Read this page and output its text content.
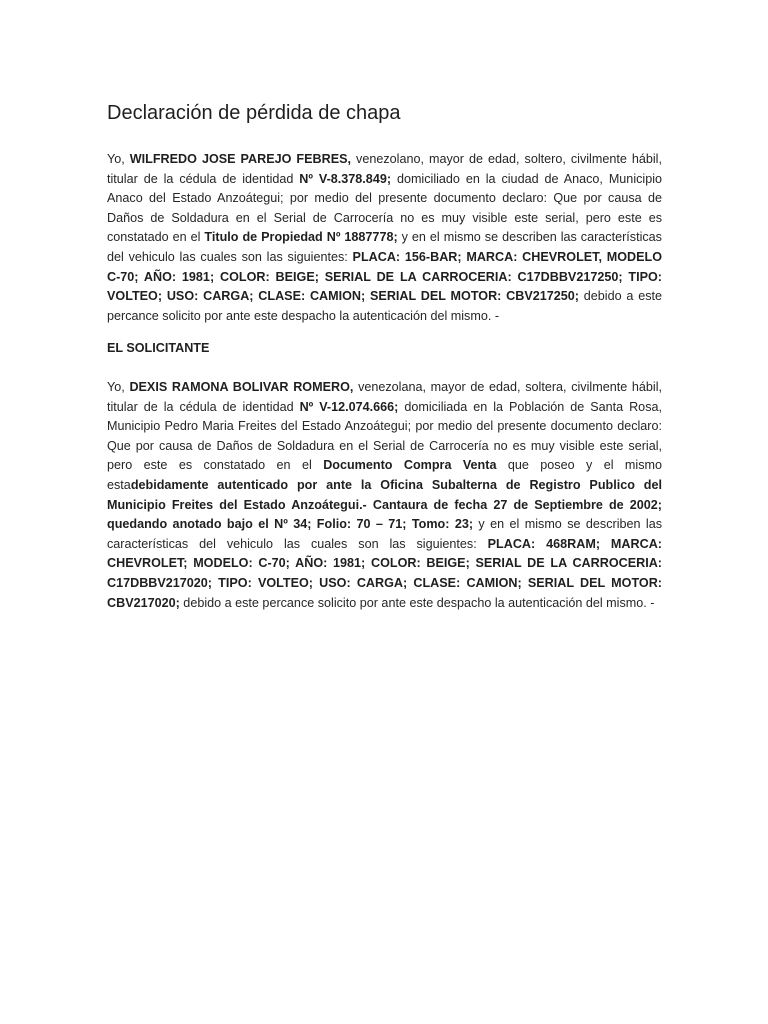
Declaración de pérdida de chapa

Yo, WILFREDO JOSE PAREJO FEBRES, venezolano, mayor de edad, soltero, civilmente hábil, titular de la cédula de identidad Nº V-8.378.849; domiciliado en la ciudad de Anaco, Municipio Anaco del Estado Anzoátegui; por medio del presente documento declaro: Que por causa de Daños de Soldadura en el Serial de Carrocería no es muy visible este serial, pero este es constatado en el Titulo de Propiedad Nº 1887778; y en el mismo se describen las características del vehiculo las cuales son las siguientes: PLACA: 156-BAR; MARCA: CHEVROLET, MODELO C-70; AÑO: 1981; COLOR: BEIGE; SERIAL DE LA CARROCERIA: C17DBBV217250; TIPO: VOLTEO; USO: CARGA; CLASE: CAMION; SERIAL DEL MOTOR: CBV217250; debido a este percance solicito por ante este despacho la autenticación del mismo. -

EL SOLICITANTE

Yo, DEXIS RAMONA BOLIVAR ROMERO, venezolana, mayor de edad, soltera, civilmente hábil, titular de la cédula de identidad Nº V-12.074.666; domiciliada en la Población de Santa Rosa, Municipio Pedro Maria Freites del Estado Anzoátegui; por medio del presente documento declaro: Que por causa de Daños de Soldadura en el Serial de Carrocería no es muy visible este serial, pero este es constatado en el Documento Compra Venta que poseo y el mismo estadebidamente autenticado por ante la Oficina Subalterna de Registro Publico del Municipio Freites del Estado Anzoátegui.- Cantaura de fecha 27 de Septiembre de 2002; quedando anotado bajo el Nº 34; Folio: 70 – 71; Tomo: 23; y en el mismo se describen las características del vehiculo las cuales son las siguientes: PLACA: 468RAM; MARCA: CHEVROLET; MODELO: C-70; AÑO: 1981; COLOR: BEIGE; SERIAL DE LA CARROCERIA: C17DBBV217020; TIPO: VOLTEO; USO: CARGA; CLASE: CAMION; SERIAL DEL MOTOR: CBV217020; debido a este percance solicito por ante este despacho la autenticación del mismo. -
